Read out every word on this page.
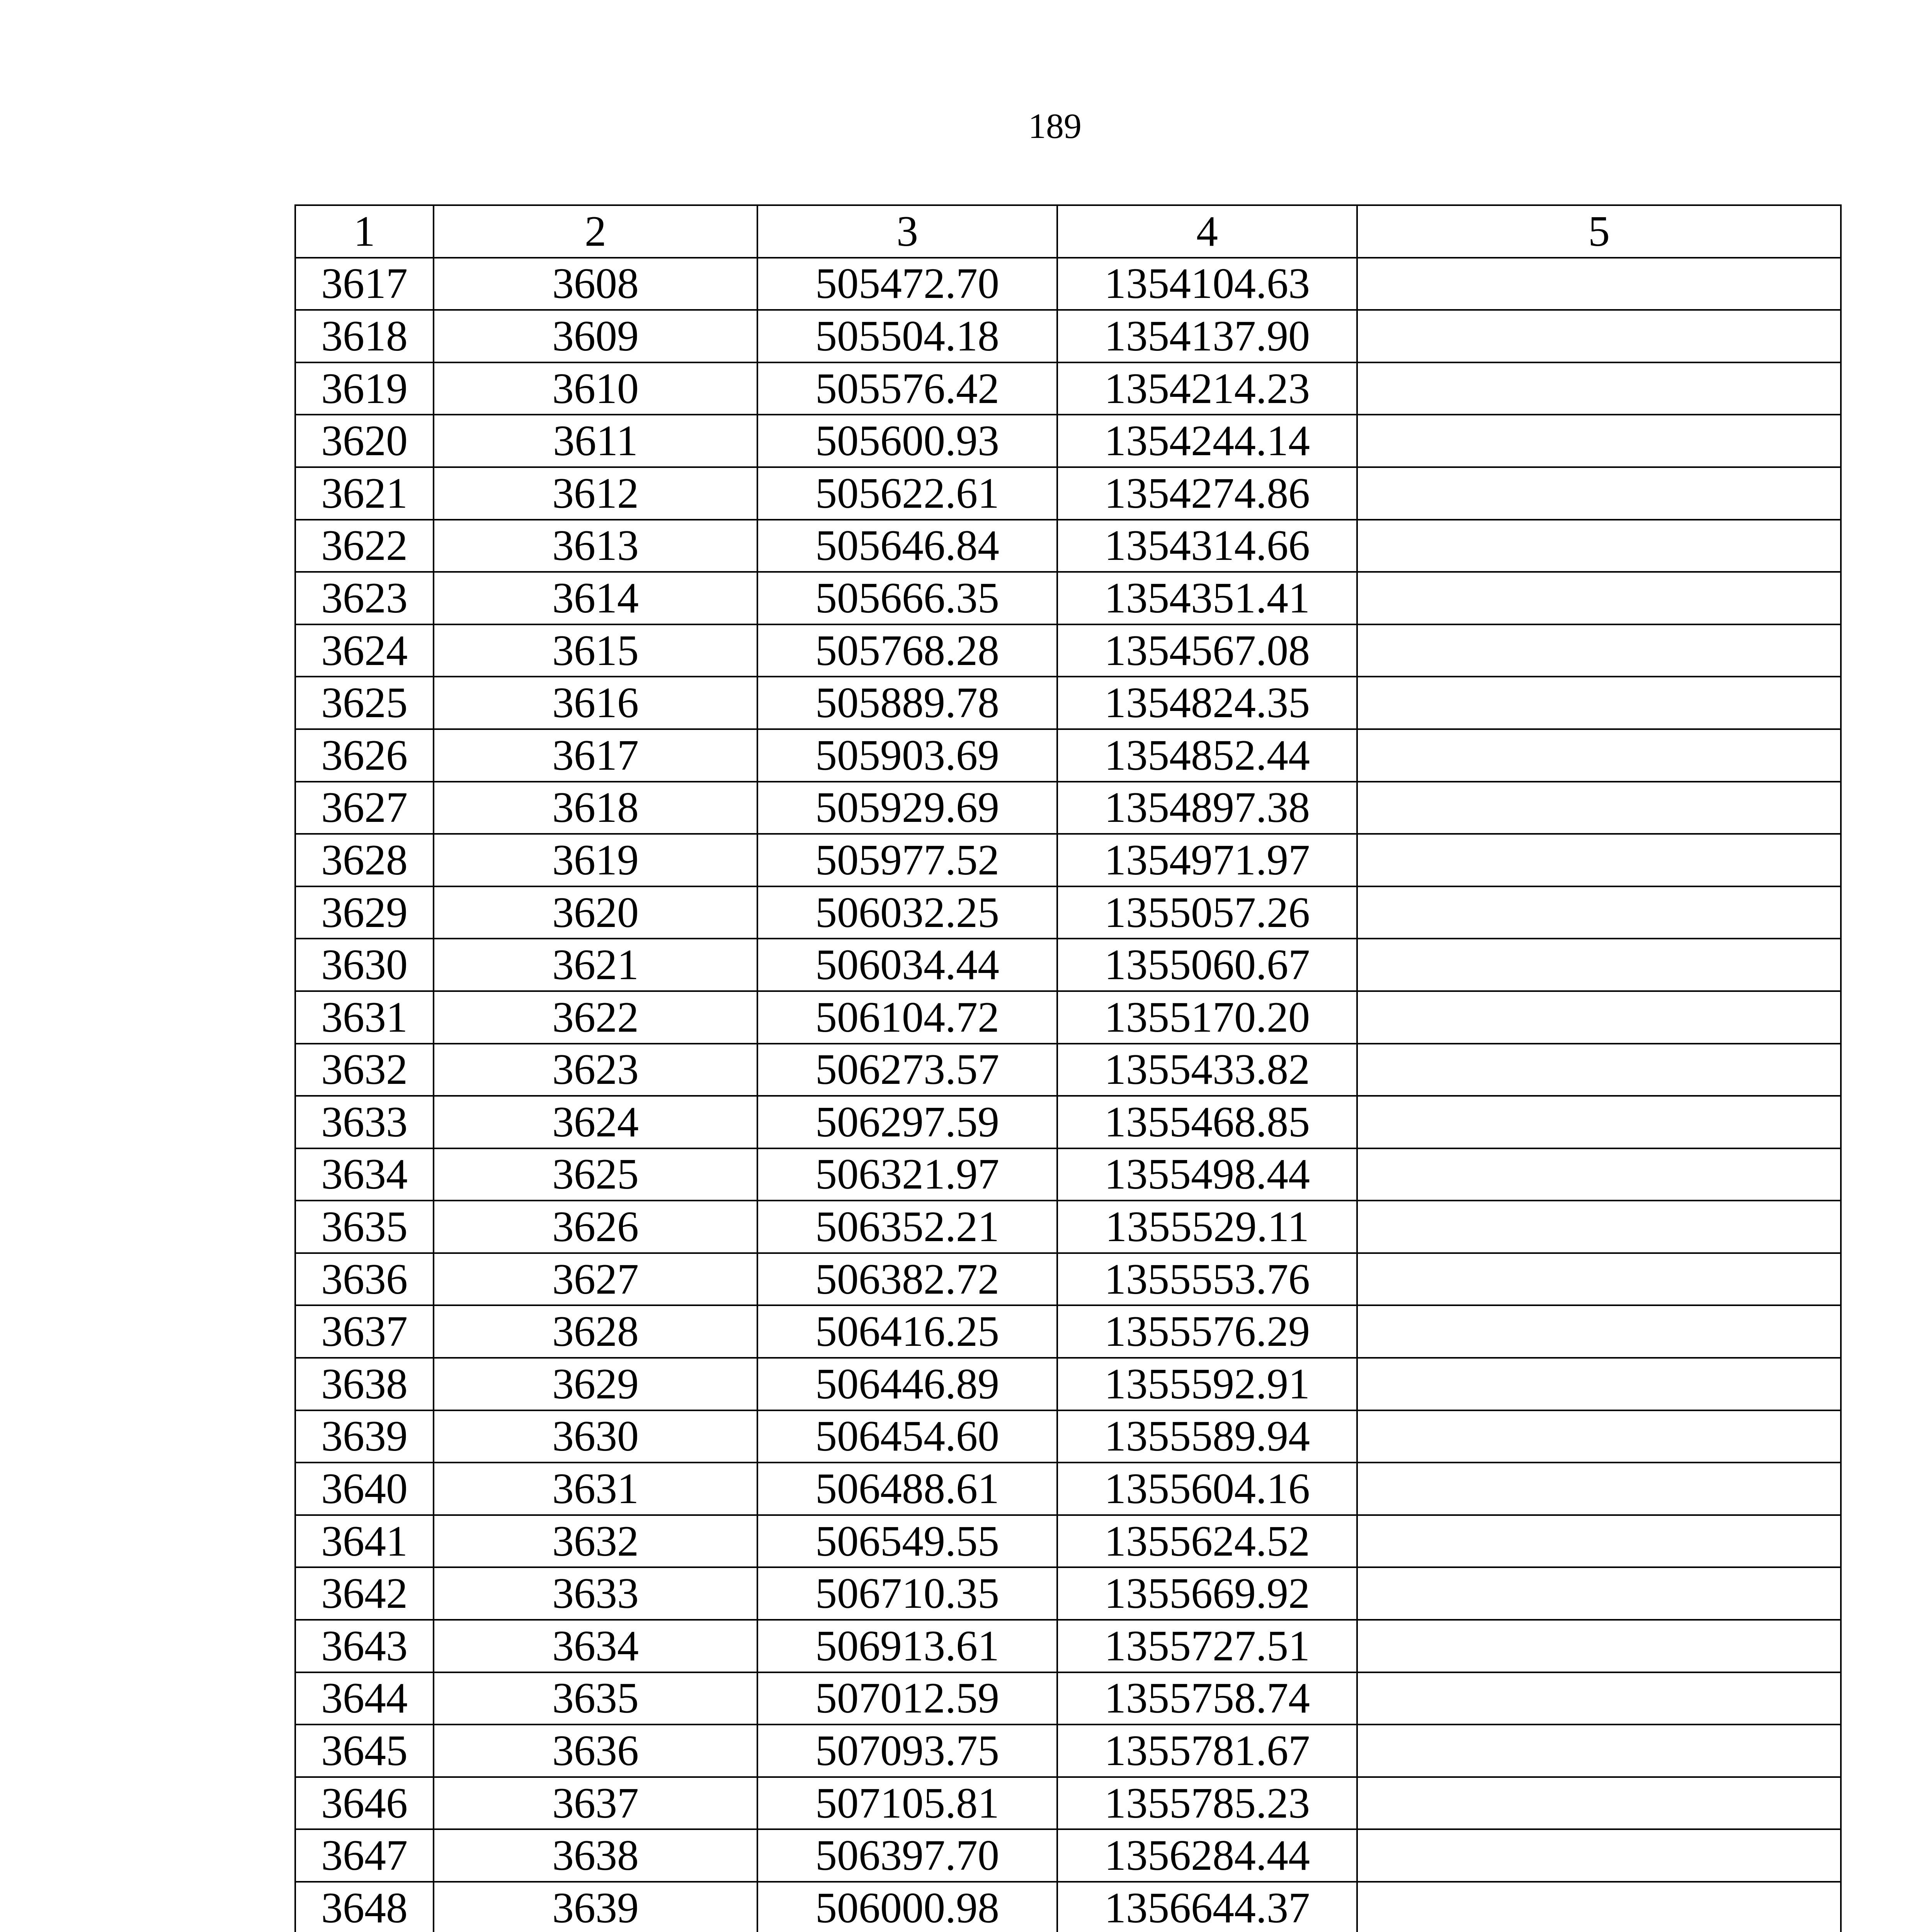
189
1	2	3	4	5
3617	3608	505472.70	1354104.63	
3618	3609	505504.18	1354137.90	
3619	3610	505576.42	1354214.23	
3620	3611	505600.93	1354244.14	
3621	3612	505622.61	1354274.86	
3622	3613	505646.84	1354314.66	
3623	3614	505666.35	1354351.41	
3624	3615	505768.28	1354567.08	
3625	3616	505889.78	1354824.35	
3626	3617	505903.69	1354852.44	
3627	3618	505929.69	1354897.38	
3628	3619	505977.52	1354971.97	
3629	3620	506032.25	1355057.26	
3630	3621	506034.44	1355060.67	
3631	3622	506104.72	1355170.20	
3632	3623	506273.57	1355433.82	
3633	3624	506297.59	1355468.85	
3634	3625	506321.97	1355498.44	
3635	3626	506352.21	1355529.11	
3636	3627	506382.72	1355553.76	
3637	3628	506416.25	1355576.29	
3638	3629	506446.89	1355592.91	
3639	3630	506454.60	1355589.94	
3640	3631	506488.61	1355604.16	
3641	3632	506549.55	1355624.52	
3642	3633	506710.35	1355669.92	
3643	3634	506913.61	1355727.51	
3644	3635	507012.59	1355758.74	
3645	3636	507093.75	1355781.67	
3646	3637	507105.81	1355785.23	
3647	3638	506397.70	1356284.44	
3648	3639	506000.98	1356644.37	
